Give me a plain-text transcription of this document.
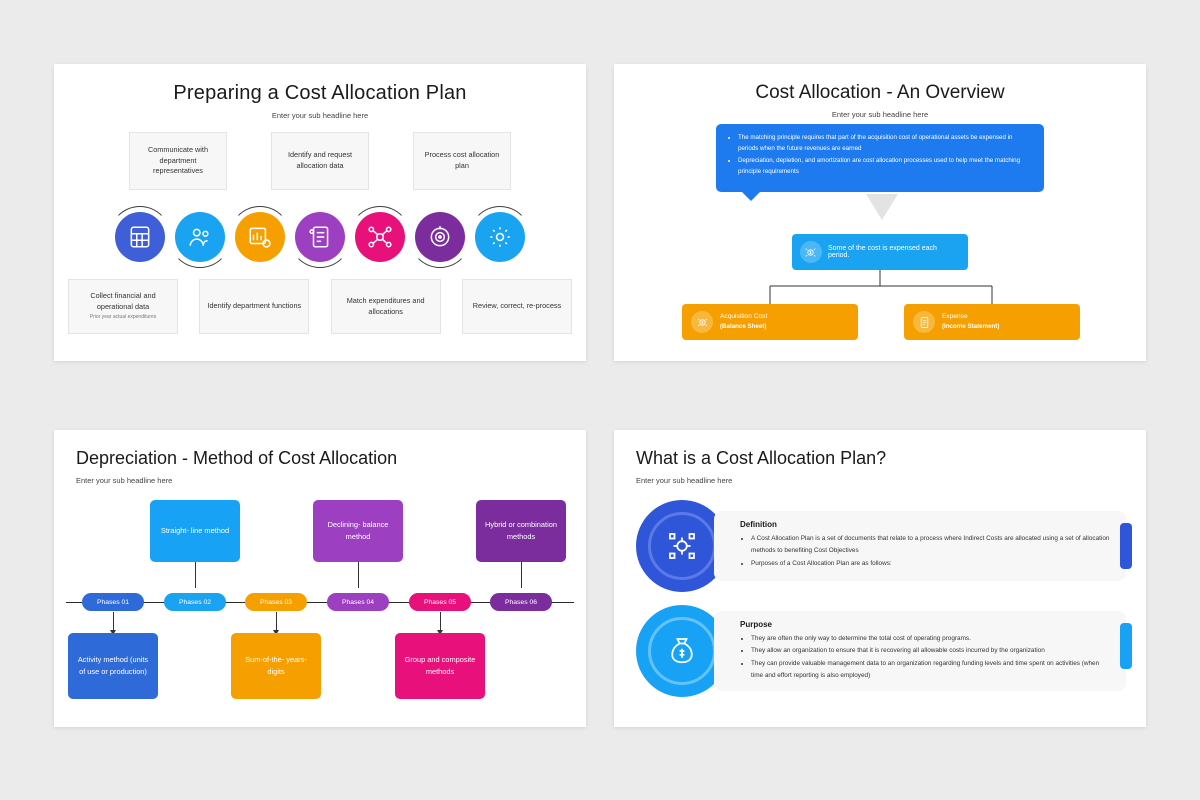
Preparing a Cost Allocation Plan
Enter your sub headline here
Communicate with department representatives
Identify and request allocation data
Process cost allocation plan
Collect financial and operational data
Prior year actual expenditures
Identify department functions
Match expenditures and allocations
Review, correct, re-process
Cost Allocation - An Overview
Enter your sub headline here
• The matching principle requires that part of the acquisition cost of operational assets be expensed in periods when the future revenues are earned
• Depreciation, depletion, and amortization are cost allocation processes used to help meet the matching principle requirements
Some of the cost is expensed each period.
Acquisition Cost
(Balance Sheet)
Expense
(Income Statement)
Depreciation - Method of Cost Allocation
Enter your sub headline here
Phases 01	Phases 02	Phases 03	Phases 04	Phases 05	Phases 06
Activity method (units of use or production)
Straight- line method
Sum-of-the- years- digits
Declining- balance method
Group and composite methods
Hybrid or combination methods
What is a Cost Allocation Plan?
Enter your sub headline here
Definition
• A Cost Allocation Plan is a set of documents that relate to a process where Indirect Costs are allocated using a set of allocation methods to benefiting Cost Objectives
• Purposes of a Cost Allocation Plan are as follows:
Purpose
• They are often the only way to determine the total cost of operating programs.
• They allow an organization to ensure that it is recovering all allowable costs incurred by the organization
• They can provide valuable management data to an organization regarding funding levels and time spent on activities (when time and effort reporting is also employed)
